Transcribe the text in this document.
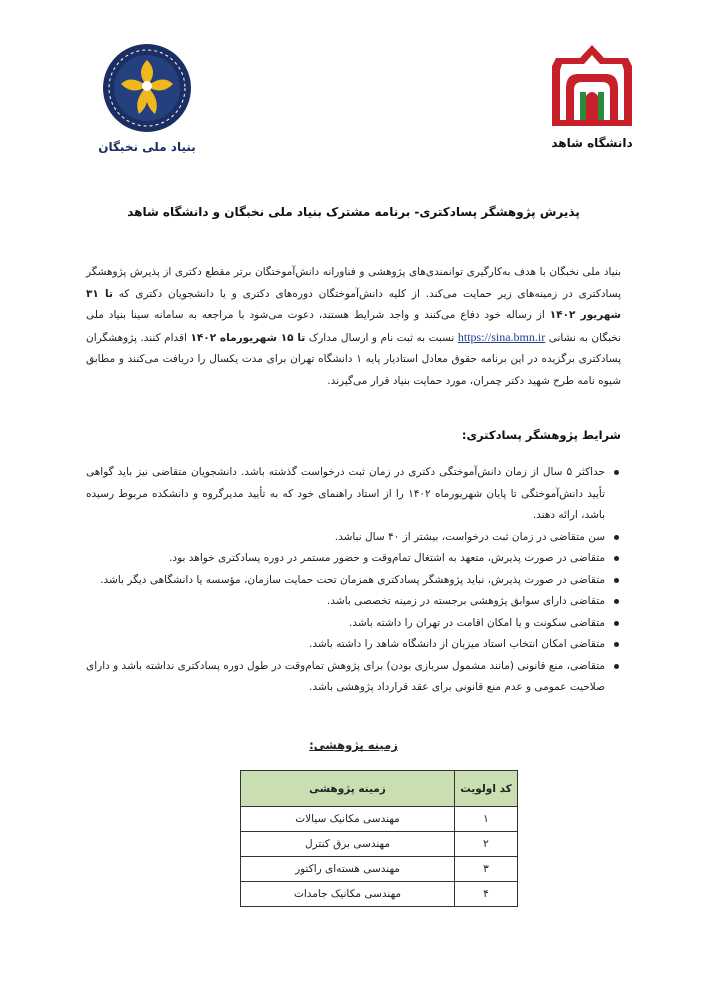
دانشگاه شاهد
بنیاد ملی نخبگان
پذیرش پژوهشگر پسادکتری- برنامه مشترک بنیاد ملی نخبگان و دانشگاه شاهد

بنیاد ملی نخبگان با هدف به‌کارگیری توانمندی‌های پژوهشی و فناورانه دانش‌آموختگان برتر مقطع دکتری از پذیرش پژوهشگر پسادکتری در زمینه‌های زیر حمایت می‌کند. از کلیه دانش‌آموختگان دوره‌های دکتری و یا دانشجویان دکتری که تا ۳۱ شهریور ۱۴۰۲ از رساله خود دفاع می‌کنند و واجد شرایط هستند، دعوت می‌شود با مراجعه به سامانه سینا بنیاد ملی نخبگان به نشانی https://sina.bmn.ir نسبت به ثبت نام و ارسال مدارک تا ۱۵ شهریورماه ۱۴۰۲ اقدام کنند. پژوهشگران پسادکتری برگزیده در این برنامه حقوق معادل استادیار پایه ۱ دانشگاه تهران برای مدت یکسال را دریافت می‌کنند و مطابق شیوه نامه طرح شهید دکتر چمران، مورد حمایت بنیاد قرار می‌گیرند.

شرایط پژوهشگر پسادکتری:
حداکثر ۵ سال از زمان دانش‌آموختگی دکتری در زمان ثبت درخواست گذشته باشد. دانشجویان متقاضی نیز باید گواهی تأیید دانش‌آموختگی تا پایان شهریورماه ۱۴۰۲ را از استاد راهنمای خود که به تأیید مدیرگروه و دانشکده مربوط رسیده باشد، ارائه دهند.
سن متقاضی در زمان ثبت درخواست، بیشتر از ۴۰ سال نباشد.
متقاضی در صورت پذیرش، متعهد به اشتغال تمام‌وقت و حضور مستمر در دوره پسادکتری خواهد بود.
متقاضی در صورت پذیرش، نباید پژوهشگر پسادکتری همزمان تحت حمایت سازمان، مؤسسه یا دانشگاهی دیگر باشد.
متقاضی دارای سوابق پژوهشی برجسته در زمینه تخصصی باشد.
متقاضی سکونت و یا امکان اقامت در تهران را داشته باشد.
متقاضی امکان انتخاب استاد میزبان از دانشگاه شاهد را داشته باشد.
متقاضی، منع قانونی (مانند مشمول سربازی بودن) برای پژوهش تمام‌وقت در طول دوره پسادکتری نداشته باشد و دارای صلاحیت عمومی و عدم منع قانونی برای عقد قرارداد پژوهشی باشد.
زمینه پژوهشی:
کد اولویت	زمینه پژوهشی
۱	مهندسی مکانیک سیالات
۲	مهندسی برق کنترل
۳	مهندسی هسته‌ای راکتور
۴	مهندسی مکانیک جامدات
